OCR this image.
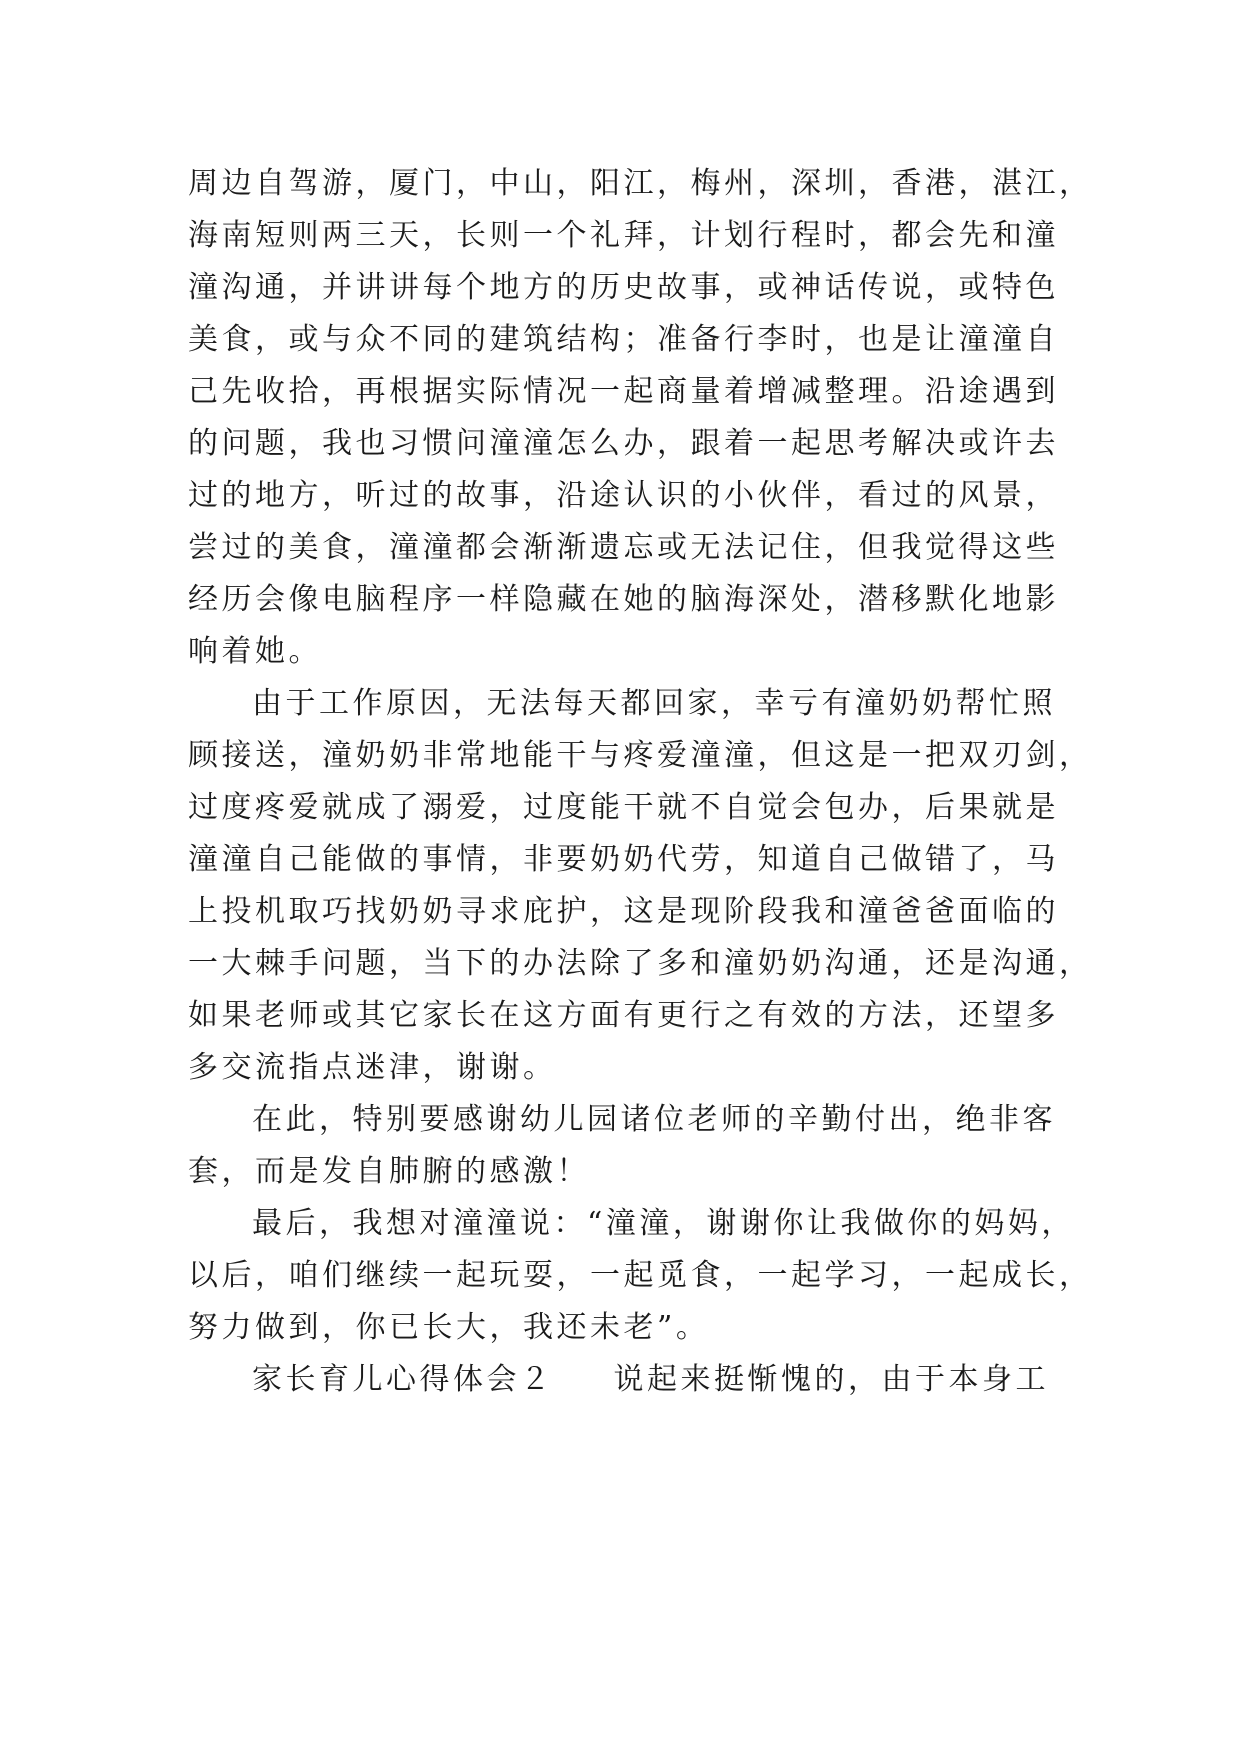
周边自驾游，厦门，中山，阳江，梅州，深圳，香港，湛江，
海南短则两三天，长则一个礼拜，计划行程时，都会先和潼
潼沟通，并讲讲每个地方的历史故事，或神话传说，或特色
美食，或与众不同的建筑结构；准备行李时，也是让潼潼自
己先收拾，再根据实际情况一起商量着增减整理。沿途遇到
的问题，我也习惯问潼潼怎么办，跟着一起思考解决或许去
过的地方，听过的故事，沿途认识的小伙伴，看过的风景，
尝过的美食，潼潼都会渐渐遗忘或无法记住，但我觉得这些
经历会像电脑程序一样隐藏在她的脑海深处，潜移默化地影
响着她。
由于工作原因，无法每天都回家，幸亏有潼奶奶帮忙照
顾接送，潼奶奶非常地能干与疼爱潼潼，但这是一把双刃剑，
过度疼爱就成了溺爱，过度能干就不自觉会包办，后果就是
潼潼自己能做的事情，非要奶奶代劳，知道自己做错了，马
上投机取巧找奶奶寻求庇护，这是现阶段我和潼爸爸面临的
一大棘手问题，当下的办法除了多和潼奶奶沟通，还是沟通，
如果老师或其它家长在这方面有更行之有效的方法，还望多
多交流指点迷津，谢谢。
在此，特别要感谢幼儿园诸位老师的辛勤付出，绝非客
套，而是发自肺腑的感激！
最后，我想对潼潼说：“潼潼，谢谢你让我做你的妈妈，
以后，咱们继续一起玩耍，一起觅食，一起学习，一起成长，
努力做到，你已长大，我还未老”。
家长育儿心得体会２ 说起来挺惭愧的，由于本身工
